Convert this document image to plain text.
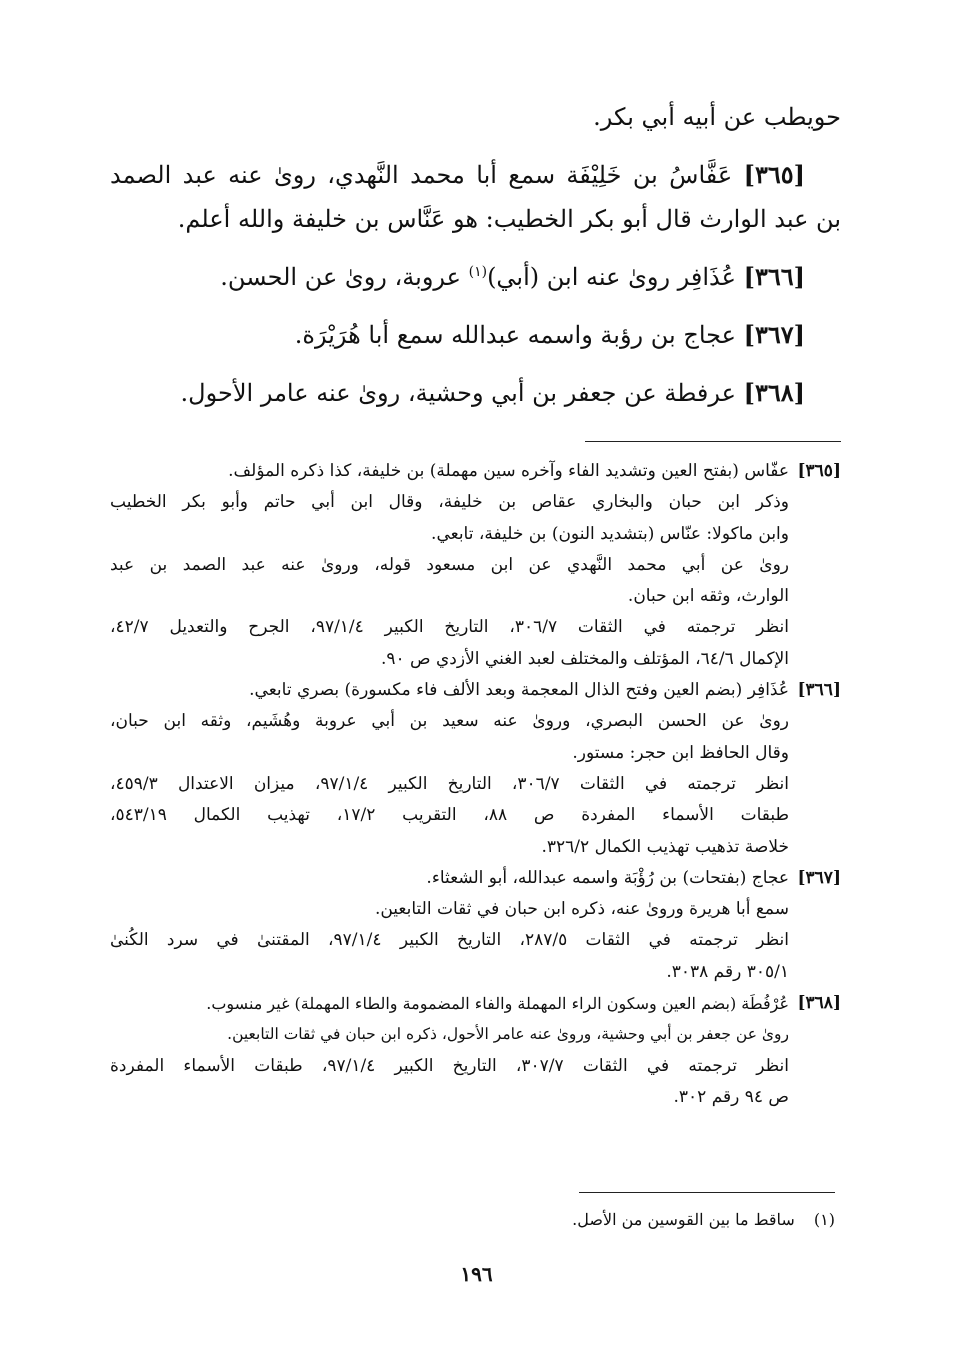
حويطب عن أبيه أبي بكر.
[٣٦٥] عَفَّاسُ بن خَلِيْفَة سمع أبا محمد النَّهدي، روىٰ عنه عبد الصمد
بن عبد الوارث قال أبو بكر الخطيب: هو عَنَّاس بن خليفة والله أعلم.
[٣٦٦] عُذَافِر روىٰ عنه ابن (أبي)$^{(١)}$ عروبة، روىٰ عن الحسن.
[٣٦٧] عجاج بن رؤبة واسمه عبدالله سمع أبا هُرَيْرَة.
[٣٦٨] عرفطة عن جعفر بن أبي وحشية، روىٰ عنه عامر الأحول.
[٣٦٥]
عفّاس (بفتح العين وتشديد الفاء وآخره سين مهملة) بن خليفة، كذا ذكره المؤلف.
وذكر ابن حبان والبخاري عقاص بن خليفة، وقال ابن أبي حاتم وأبو بكر الخطيب
وابن ماكولا: عنّاس (بتشديد النون) بن خليفة، تابعي.
روىٰ عن أبي محمد النَّهدي عن ابن مسعود قوله، وروىٰ عنه عبد الصمد بن عبد
الوارث، وثقه ابن حبان.
انظر ترجمته في الثقات ٣٠٦/٧، التاريخ الكبير ٩٧/١/٤، الجرح والتعديل ٤٢/٧،
الإكمال ٦٤/٦، المؤتلف والمختلف لعبد الغني الأزدي ص ٩٠.
[٣٦٦]
عُذَافِر (بضم العين وفتح الذال المعجمة وبعد الألف فاء مكسورة) بصري تابعي.
روىٰ عن الحسن البصري، وروىٰ عنه سعيد بن أبي عروبة وهُشَيم، وثقه ابن حبان،
وقال الحافظ ابن حجر: مستور.
انظر ترجمته في الثقات ٣٠٦/٧، التاريخ الكبير ٩٧/١/٤، ميزان الاعتدال ٤٥٩/٣،
طبقات الأسماء المفردة ص ٨٨، التقريب ١٧/٢، تهذيب الكمال ٥٤٣/١٩،
خلاصة تذهيب تهذيب الكمال ٣٢٦/٢.
[٣٦٧]
عجاج (بفتحات) بن رُؤْبَة واسمه عبدالله، أبو الشعثاء.
سمع أبا هريرة وروىٰ عنه، ذكره ابن حبان في ثقات التابعين.
انظر ترجمته في الثقات ٢٨٧/٥، التاريخ الكبير ٩٧/١/٤، المقتنىٰ في سرد الكُنىٰ
٣٠٥/١ رقم ٣٠٣٨.
[٣٦٨]
عُرْفُطَة (بضم العين وسكون الراء المهملة والفاء المضمومة والطاء المهملة) غير منسوب.
روىٰ عن جعفر بن أبي وحشية، وروىٰ عنه عامر الأحول، ذكره ابن حبان في ثقات التابعين.
انظر ترجمته في الثقات ٣٠٧/٧، التاريخ الكبير ٩٧/١/٤، طبقات الأسماء المفردة
ص ٩٤ رقم ٣٠٢.
(١) ساقط ما بين القوسين من الأصل.
١٩٦
